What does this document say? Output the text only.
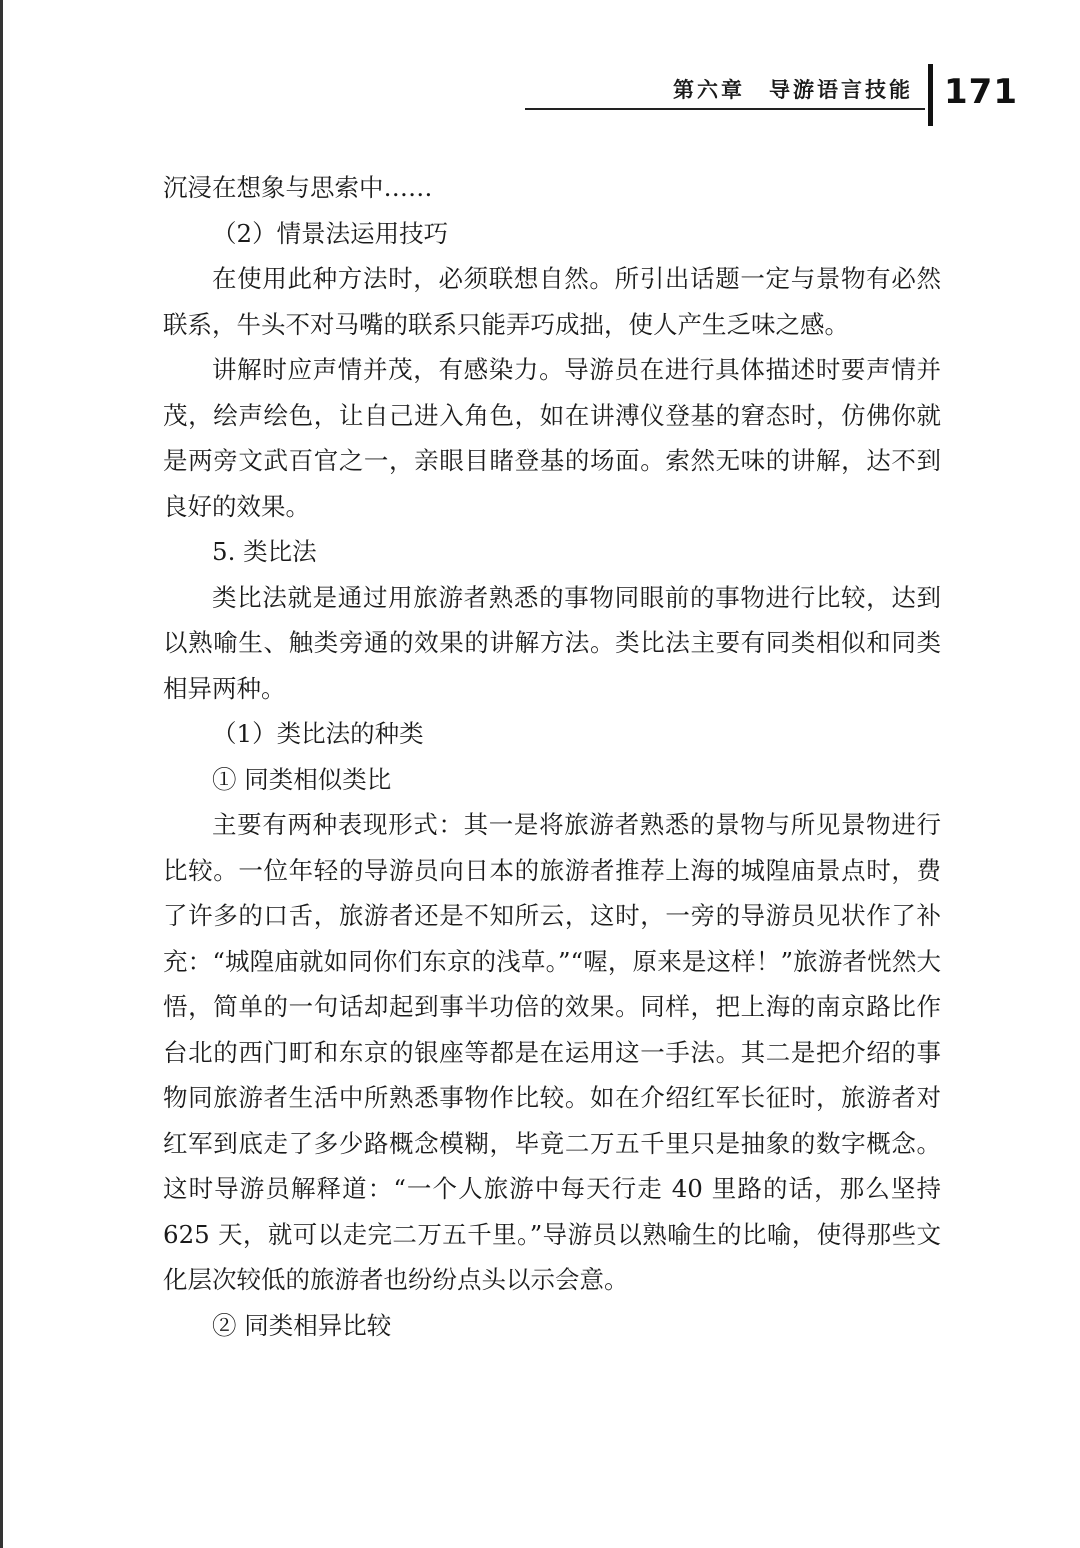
第六章　导游语言技能 171

沉浸在想象与思索中……

（2）情景法运用技巧

在使用此种方法时，必须联想自然。所引出话题一定与景物有必然联系，牛头不对马嘴的联系只能弄巧成拙，使人产生乏味之感。

讲解时应声情并茂，有感染力。导游员在进行具体描述时要声情并茂，绘声绘色，让自己进入角色，如在讲溥仪登基的窘态时，仿佛你就是两旁文武百官之一，亲眼目睹登基的场面。索然无味的讲解，达不到良好的效果。

5. 类比法

类比法就是通过用旅游者熟悉的事物同眼前的事物进行比较，达到以熟喻生、触类旁通的效果的讲解方法。类比法主要有同类相似和同类相异两种。

（1）类比法的种类

① 同类相似类比

主要有两种表现形式：其一是将旅游者熟悉的景物与所见景物进行比较。一位年轻的导游员向日本的旅游者推荐上海的城隍庙景点时，费了许多的口舌，旅游者还是不知所云，这时，一旁的导游员见状作了补充：“城隍庙就如同你们东京的浅草。”“喔，原来是这样！”旅游者恍然大悟，简单的一句话却起到事半功倍的效果。同样，把上海的南京路比作台北的西门町和东京的银座等都是在运用这一手法。其二是把介绍的事物同旅游者生活中所熟悉事物作比较。如在介绍红军长征时，旅游者对红军到底走了多少路概念模糊，毕竟二万五千里只是抽象的数字概念。这时导游员解释道：“一个人旅游中每天行走 40 里路的话，那么坚持 625 天，就可以走完二万五千里。”导游员以熟喻生的比喻，使得那些文化层次较低的旅游者也纷纷点头以示会意。

② 同类相异比较
